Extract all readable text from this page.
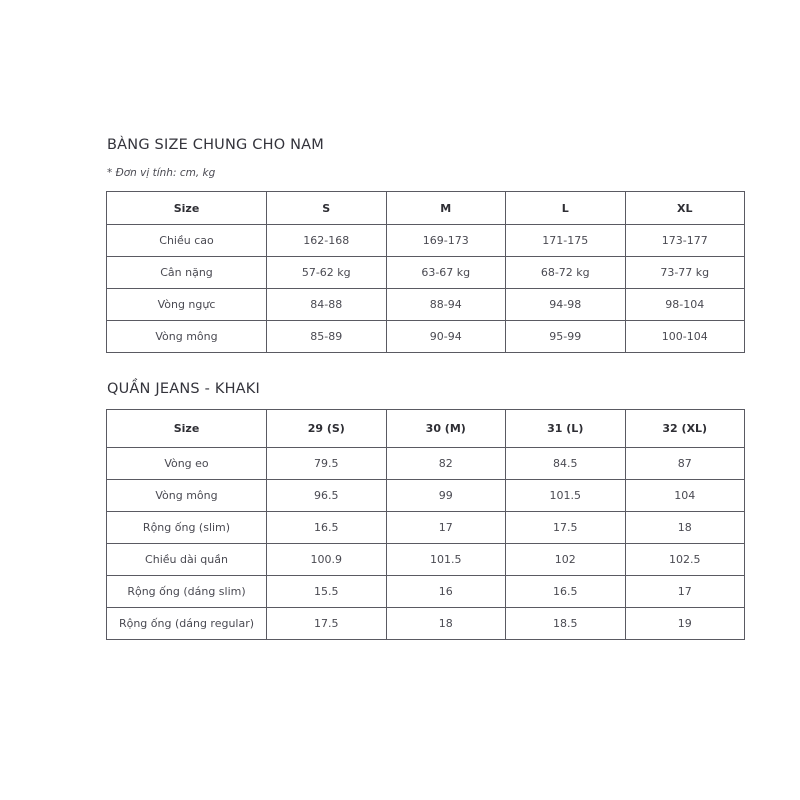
BÀNG SIZE CHUNG CHO NAM
* Đơn vị tính: cm, kg
Size	S	M	L	XL
Chiều cao	162-168	169-173	171-175	173-177
Cân nặng	57-62 kg	63-67 kg	68-72 kg	73-77 kg
Vòng ngực	84-88	88-94	94-98	98-104
Vòng mông	85-89	90-94	95-99	100-104
QUẦN JEANS - KHAKI
Size	29 (S)	30 (M)	31 (L)	32 (XL)
Vòng eo	79.5	82	84.5	87
Vòng mông	96.5	99	101.5	104
Rộng ống (slim)	16.5	17	17.5	18
Chiều dài quần	100.9	101.5	102	102.5
Rộng ống (dáng slim)	15.5	16	16.5	17
Rộng ống (dáng regular)	17.5	18	18.5	19
